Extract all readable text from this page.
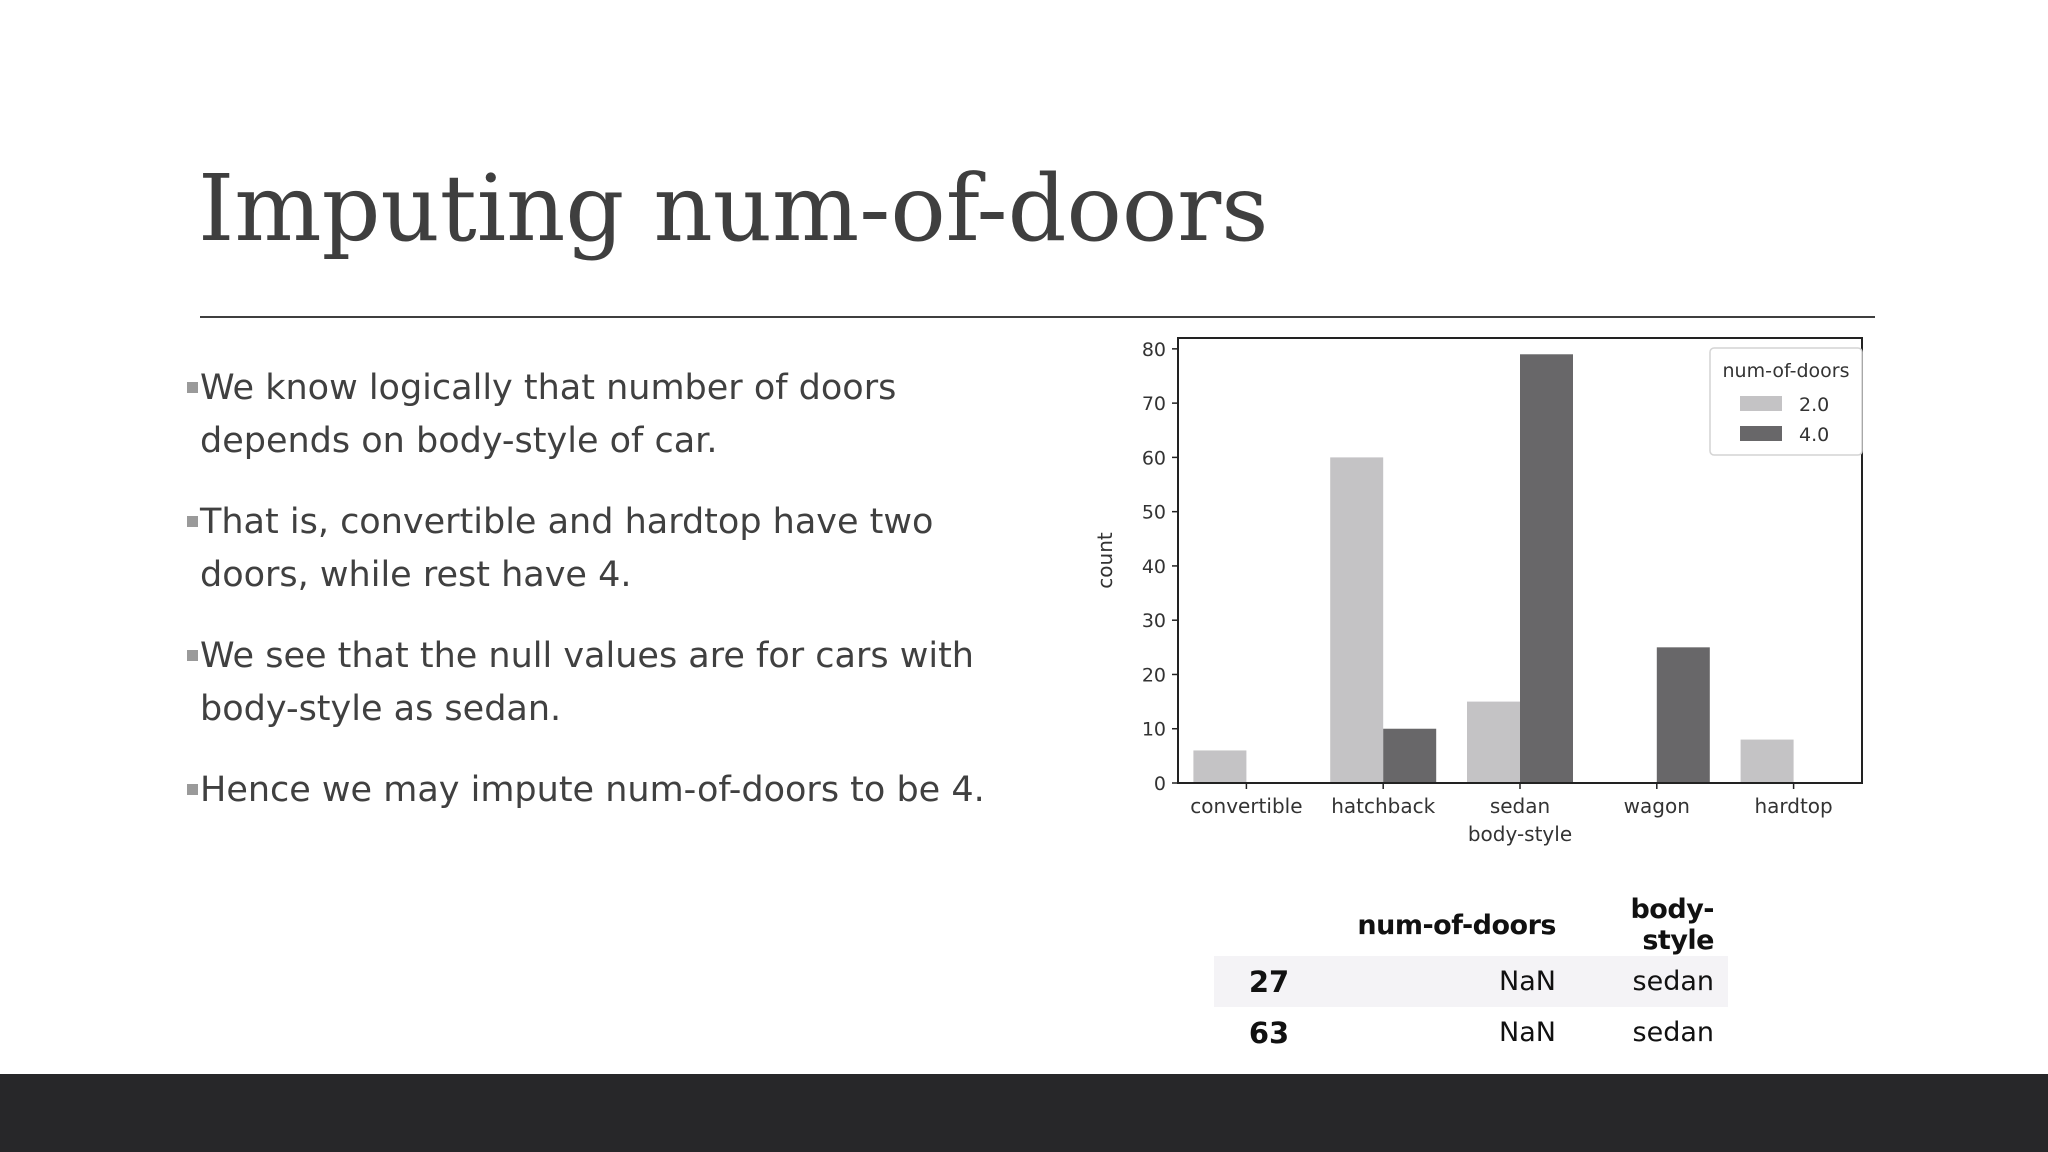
Imputing num-of-doors
We know logically that number of doors
depends on body-style of car.
That is, convertible and hardtop have two
doors, while rest have 4.
We see that the null values are for cars with
body-style as sedan.
Hence we may impute num-of-doors to be 4.	0
10
20
30
40
50
60
70
80
convertible hatchback	sedan	wagon	hardtop
body-style
count
num-of-doors
2.0
4.0
	num-of-doors	body-style
27	NaN	sedan
63	NaN	sedan
